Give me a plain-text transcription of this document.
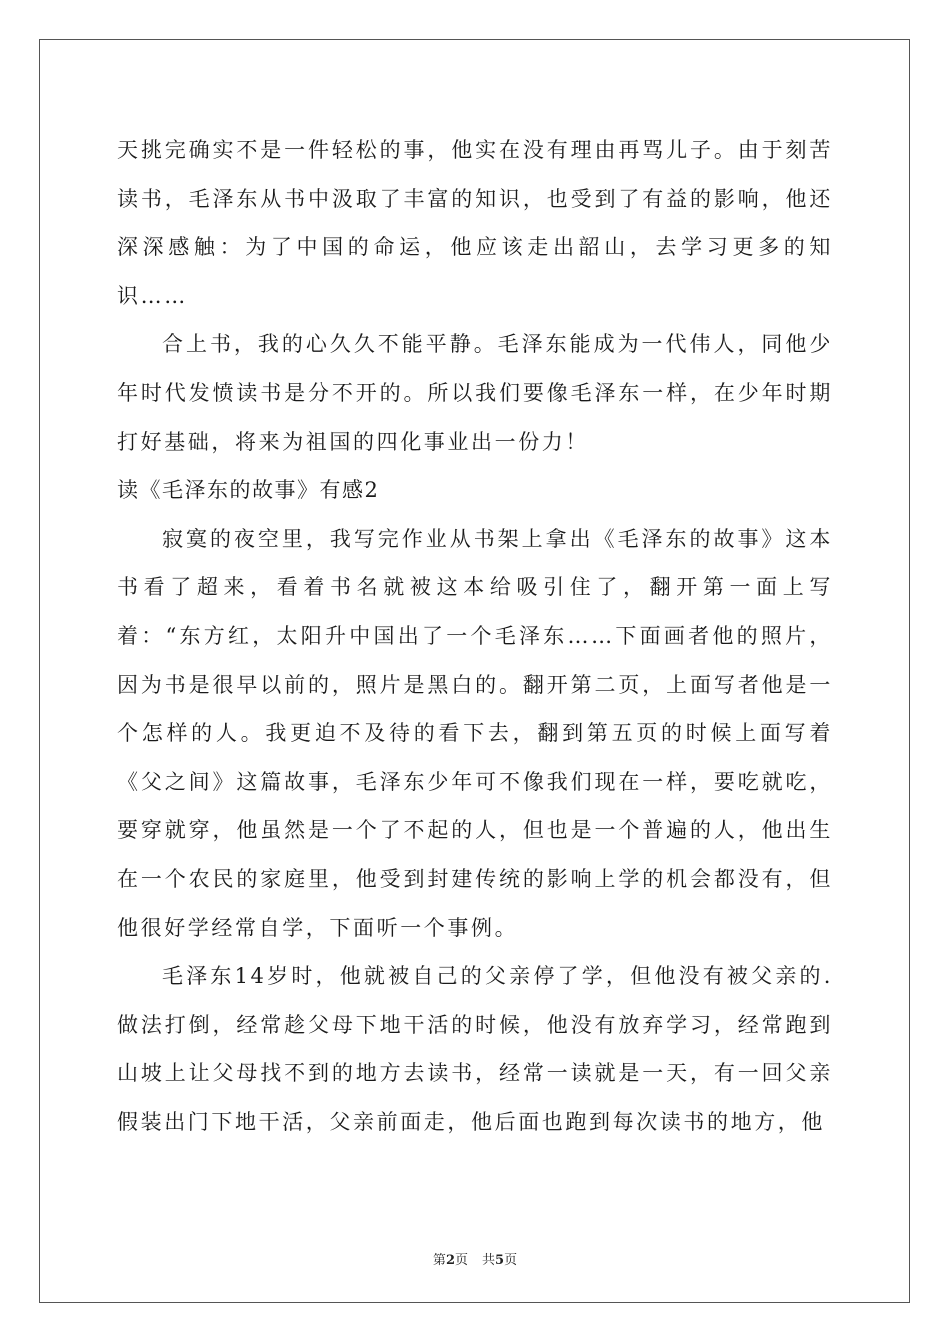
天挑完确实不是一件轻松的事，他实在没有理由再骂儿子。由于刻苦读书，毛泽东从书中汲取了丰富的知识，也受到了有益的影响，他还深深感触：为了中国的命运，他应该走出韶山，去学习更多的知识……

合上书，我的心久久不能平静。毛泽东能成为一代伟人，同他少年时代发愤读书是分不开的。所以我们要像毛泽东一样，在少年时期打好基础，将来为祖国的四化事业出一份力！

读《毛泽东的故事》有感2

寂寞的夜空里，我写完作业从书架上拿出《毛泽东的故事》这本书看了超来，看着书名就被这本给吸引住了，翻开第一面上写着：“东方红，太阳升中国出了一个毛泽东……下面画者他的照片，因为书是很早以前的，照片是黑白的。翻开第二页，上面写者他是一个怎样的人。我更迫不及待的看下去，翻到第五页的时候上面写着《父之间》这篇故事，毛泽东少年可不像我们现在一样，要吃就吃，要穿就穿，他虽然是一个了不起的人，但也是一个普遍的人，他出生在一个农民的家庭里，他受到封建传统的影响上学的机会都没有，但他很好学经常自学，下面听一个事例。

毛泽东14岁时，他就被自己的父亲停了学，但他没有被父亲的.做法打倒，经常趁父母下地干活的时候，他没有放弃学习，经常跑到山坡上让父母找不到的地方去读书，经常一读就是一天，有一回父亲假装出门下地干活，父亲前面走，他后面也跑到每次读书的地方，他

第2页 共5页
